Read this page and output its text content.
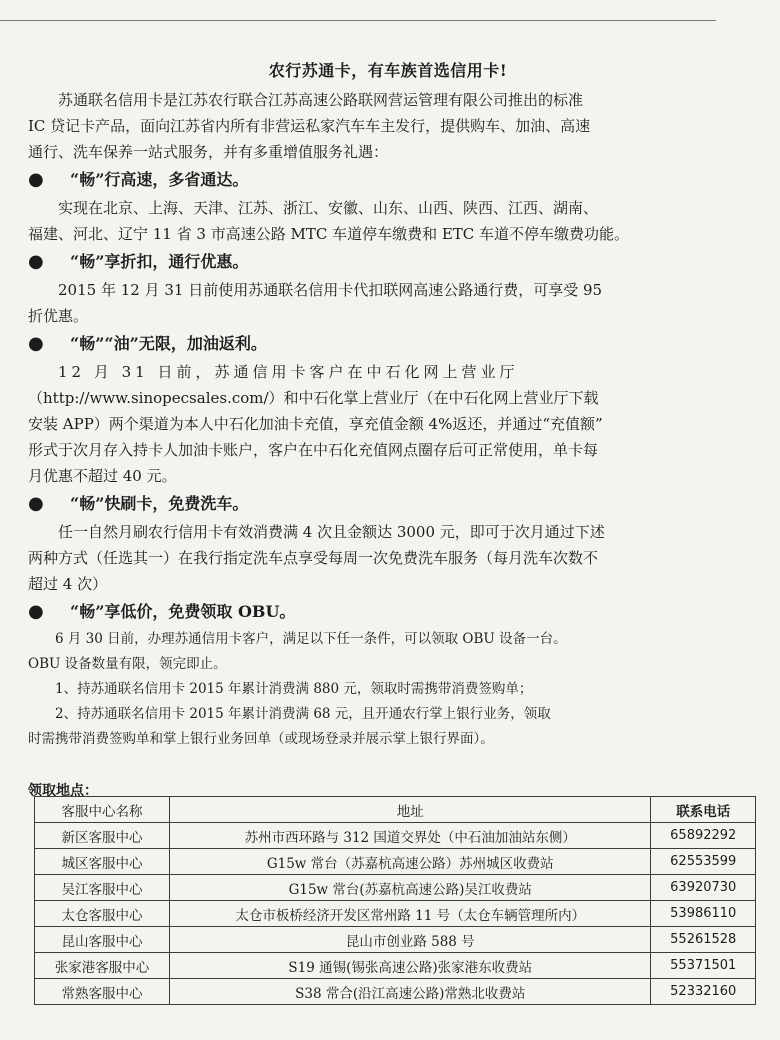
农行苏通卡，有车族首选信用卡!

苏通联名信用卡是江苏农行联合江苏高速公路联网营运管理有限公司推出的标准

IC 贷记卡产品，面向江苏省内所有非营运私家汽车车主发行，提供购车、加油、高速

通行、洗车保养一站式服务，并有多重增值服务礼遇：

●	“畅”行高速，多省通达。

实现在北京、上海、天津、江苏、浙江、安徽、山东、山西、陕西、江西、湖南、

福建、河北、辽宁 11 省 3 市高速公路 MTC 车道停车缴费和 ETC 车道不停车缴费功能。

●	“畅”享折扣，通行优惠。

2015 年 12 月 31 日前使用苏通联名信用卡代扣联网高速公路通行费，可享受 95

折优惠。

●	“畅”“油”无限，加油返利。

12 月 31 日前，苏通信用卡客户在中石化网上营业厅

（http://www.sinopecsales.com/）和中石化掌上营业厅（在中石化网上营业厅下载

安装 APP）两个渠道为本人中石化加油卡充值，享充值金额 4%返还，并通过“充值额”

形式于次月存入持卡人加油卡账户，客户在中石化充值网点圈存后可正常使用，单卡每

月优惠不超过 40 元。

●	“畅”快刷卡，免费洗车。

任一自然月刷农行信用卡有效消费满 4 次且金额达 3000 元，即可于次月通过下述

两种方式（任选其一）在我行指定洗车点享受每周一次免费洗车服务（每月洗车次数不

超过 4 次）

●	“畅”享低价，免费领取 OBU。

6 月 30 日前，办理苏通信用卡客户，满足以下任一条件，可以领取 OBU 设备一台。

OBU 设备数量有限，领完即止。

1、持苏通联名信用卡 2015 年累计消费满 880 元，领取时需携带消费签购单；

2、持苏通联名信用卡 2015 年累计消费满 68 元，且开通农行掌上银行业务，领取

时需携带消费签购单和掌上银行业务回单（或现场登录并展示掌上银行界面）。

领取地点：
客服中心名称	地址	联系电话
新区客服中心	苏州市西环路与 312 国道交界处（中石油加油站东侧）	65892292
城区客服中心	G15w 常台（苏嘉杭高速公路）苏州城区收费站	62553599
吴江客服中心	G15w 常台(苏嘉杭高速公路)吴江收费站	63920730
太仓客服中心	太仓市板桥经济开发区常州路 11 号（太仓车辆管理所内）	53986110
昆山客服中心	昆山市创业路 588 号	55261528
张家港客服中心	S19 通锡(锡张高速公路)张家港东收费站	55371501
常熟客服中心	S38 常合(沿江高速公路)常熟北收费站	52332160
